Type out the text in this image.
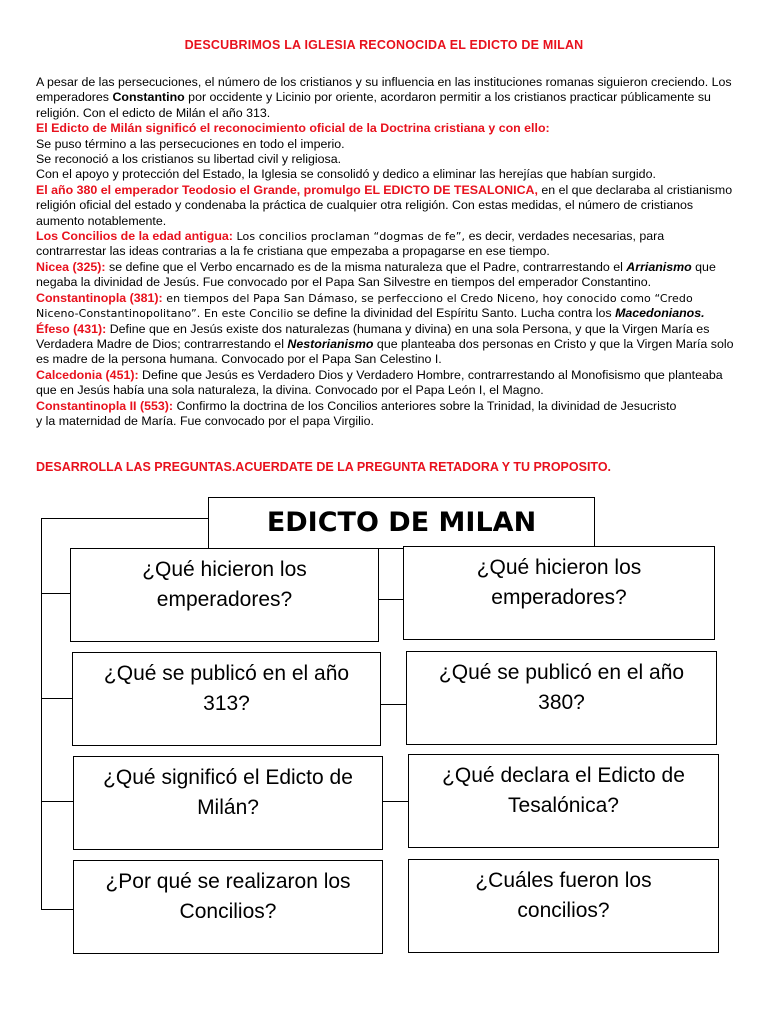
DESCUBRIMOS LA IGLESIA RECONOCIDA EL EDICTO DE MILAN

A pesar de las persecuciones, el número de los cristianos y su influencia en las instituciones romanas siguieron creciendo. Los emperadores Constantino por occidente y Licinio por oriente, acordaron permitir a los cristianos practicar públicamente su religión. Con el edicto de Milán el año 313.

El Edicto de Milán significó el reconocimiento oficial de la Doctrina cristiana y con ello:

Se puso término a las persecuciones en todo el imperio.

Se reconoció a los cristianos su libertad civil y religiosa.

Con el apoyo y protección del Estado, la Iglesia se consolidó y dedico a eliminar las herejías que habían surgido.

El año 380 el emperador Teodosio el Grande, promulgo EL EDICTO DE TESALONICA, en el que declaraba al cristianismo religión oficial del estado y condenaba la práctica de cualquier otra religión. Con estas medidas, el número de cristianos aumento notablemente.

Los Concilios de la edad antigua: Los concilios proclaman “dogmas de fe”, es decir, verdades necesarias, para contrarrestar las ideas contrarias a la fe cristiana que empezaba a propagarse en ese tiempo.

Nicea (325): se define que el Verbo encarnado es de la misma naturaleza que el Padre, contrarrestando el Arrianismo que negaba la divinidad de Jesús. Fue convocado por el Papa San Silvestre en tiempos del emperador Constantino.

Constantinopla (381): en tiempos del Papa San Dámaso, se perfecciono el Credo Niceno, hoy conocido como “Credo Niceno-Constantinopolitano”. En este Concilio se define la divinidad del Espíritu Santo. Lucha contra los Macedonianos.

Éfeso (431): Define que en Jesús existe dos naturalezas (humana y divina) en una sola Persona, y que la Virgen María es Verdadera Madre de Dios; contrarrestando el Nestorianismo que planteaba dos personas en Cristo y que la Virgen María solo es madre de la persona humana. Convocado por el Papa San Celestino I.

Calcedonia (451): Define que Jesús es Verdadero Dios y Verdadero Hombre, contrarrestando al Monofisismo que planteaba que en Jesús había una sola naturaleza, la divina. Convocado por el Papa León I, el Magno.

Constantinopla II (553): Confirmo la doctrina de los Concilios anteriores sobre la Trinidad, la divinidad de Jesucristo

y la maternidad de María. Fue convocado por el papa Virgilio.

DESARROLLA LAS PREGUNTAS.ACUERDATE DE LA PREGUNTA RETADORA Y TU PROPOSITO.
EDICTO DE MILAN
¿Qué hicieron los
emperadores?
¿Qué se publicó en el año
313?
¿Qué significó el Edicto de
Milán?
¿Por qué se realizaron los
Concilios?
¿Qué hicieron los
emperadores?
¿Qué se publicó en el año
380?
¿Qué declara el Edicto de
Tesalónica?
¿Cuáles fueron los
concilios?
